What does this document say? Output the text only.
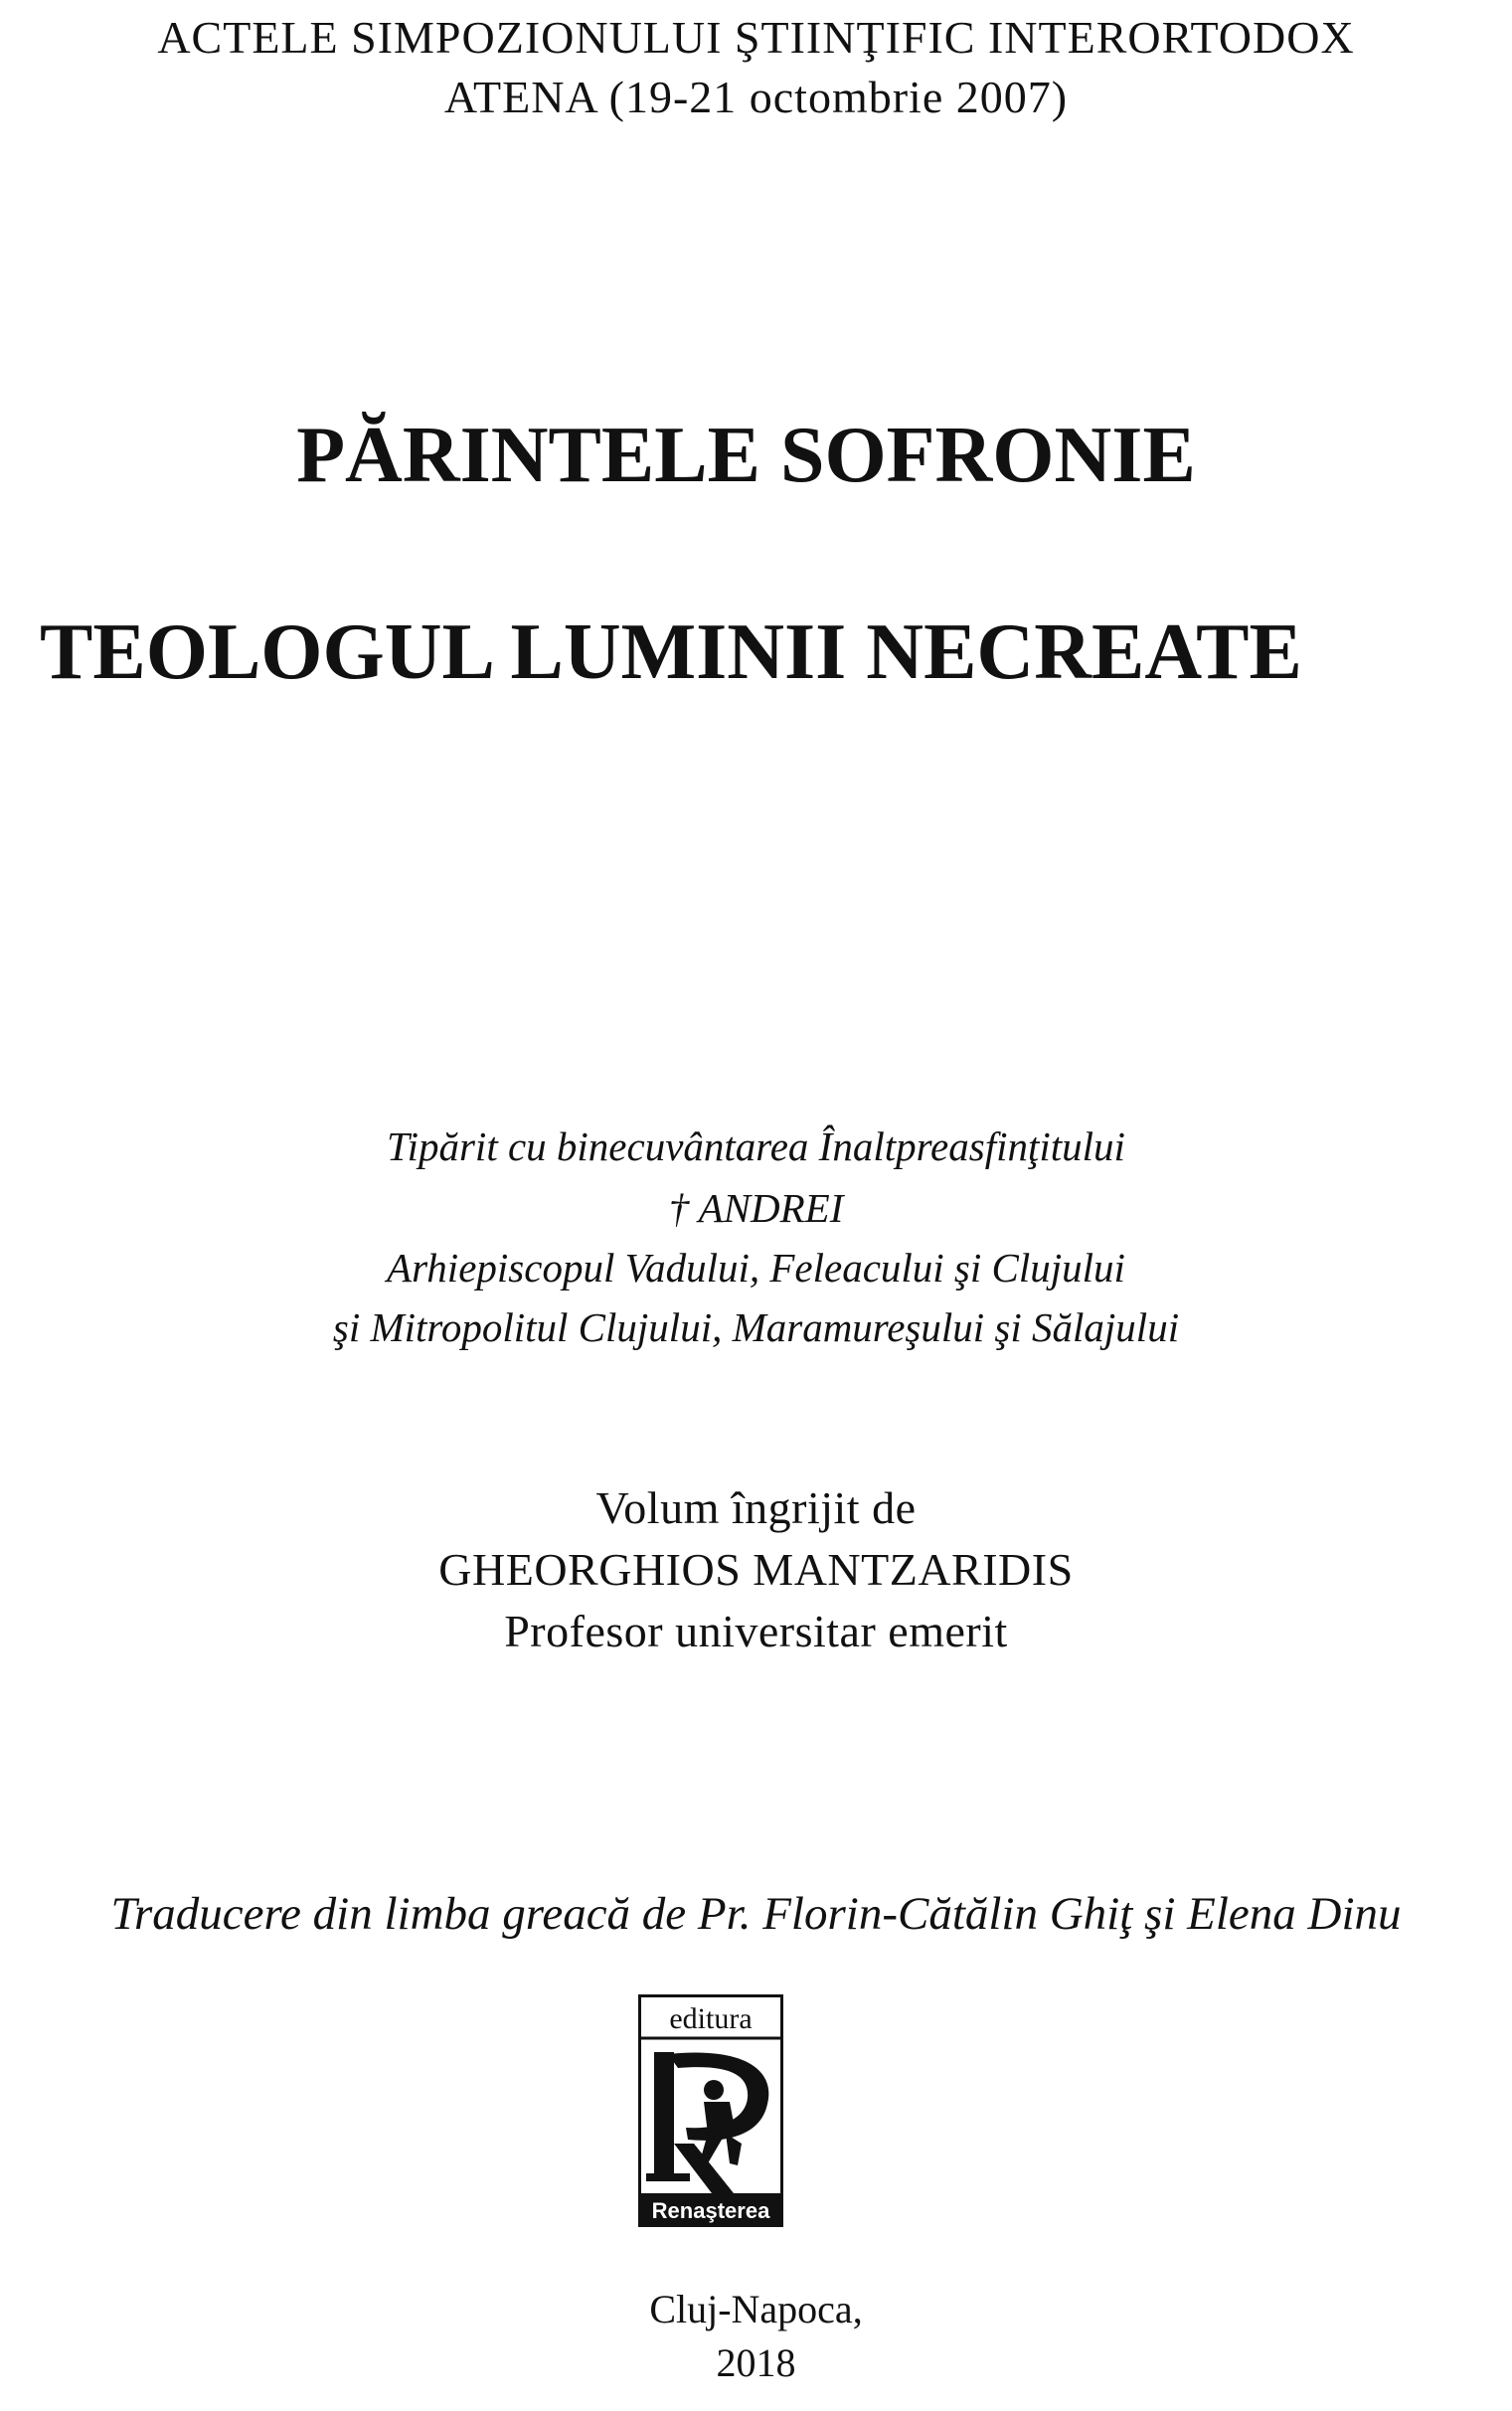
ACTELE SIMPOZIONULUI ŞTIINŢIFIC INTERORTODOX
ATENA (19-21 octombrie 2007)
PĂRINTELE SOFRONIE
TEOLOGUL LUMINII NECREATE
Tipărit cu binecuvântarea Înaltpreasfinţitului
† ANDREI
Arhiepiscopul Vadului, Feleacului şi Clujului
şi Mitropolitul Clujului, Maramureşului şi Sălajului
Volum îngrijit de
GHEORGHIOS MANTZARIDIS
Profesor universitar emerit
Traducere din limba greacă de Pr. Florin-Cătălin Ghiţ şi Elena Dinu
editura
Renaşterea
Cluj-Napoca,
2018
